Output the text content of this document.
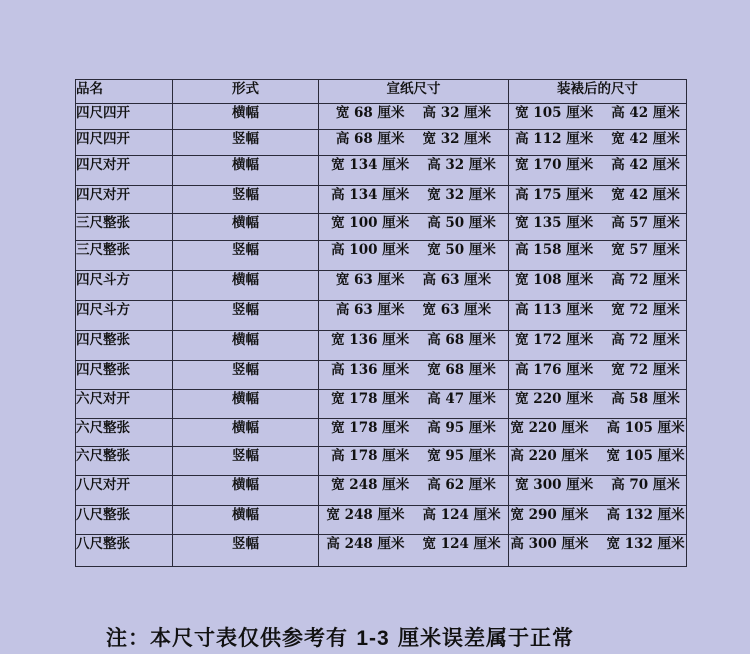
品名	形式	宣纸尺寸	装裱后的尺寸
四尺四开	横幅	宽 68 厘米 高 32 厘米	宽 105 厘米 高 42 厘米
四尺四开	竖幅	高 68 厘米 宽 32 厘米	高 112 厘米 宽 42 厘米
四尺对开	横幅	宽 134 厘米 高 32 厘米	宽 170 厘米 高 42 厘米
四尺对开	竖幅	高 134 厘米 宽 32 厘米	高 175 厘米 宽 42 厘米
三尺整张	横幅	宽 100 厘米 高 50 厘米	宽 135 厘米 高 57 厘米
三尺整张	竖幅	高 100 厘米 宽 50 厘米	高 158 厘米 宽 57 厘米
四尺斗方	横幅	宽 63 厘米 高 63 厘米	宽 108 厘米 高 72 厘米
四尺斗方	竖幅	高 63 厘米 宽 63 厘米	高 113 厘米 宽 72 厘米
四尺整张	横幅	宽 136 厘米 高 68 厘米	宽 172 厘米 高 72 厘米
四尺整张	竖幅	高 136 厘米 宽 68 厘米	高 176 厘米 宽 72 厘米
六尺对开	横幅	宽 178 厘米 高 47 厘米	宽 220 厘米 高 58 厘米
六尺整张	横幅	宽 178 厘米 高 95 厘米	宽 220 厘米 高 105 厘米
六尺整张	竖幅	高 178 厘米 宽 95 厘米	高 220 厘米 宽 105 厘米
八尺对开	横幅	宽 248 厘米 高 62 厘米	宽 300 厘米 高 70 厘米
八尺整张	横幅	宽 248 厘米 高 124 厘米	宽 290 厘米 高 132 厘米
八尺整张	竖幅	高 248 厘米 宽 124 厘米	高 300 厘米 宽 132 厘米
注：本尺寸表仅供参考有 1-3 厘米误差属于正常
